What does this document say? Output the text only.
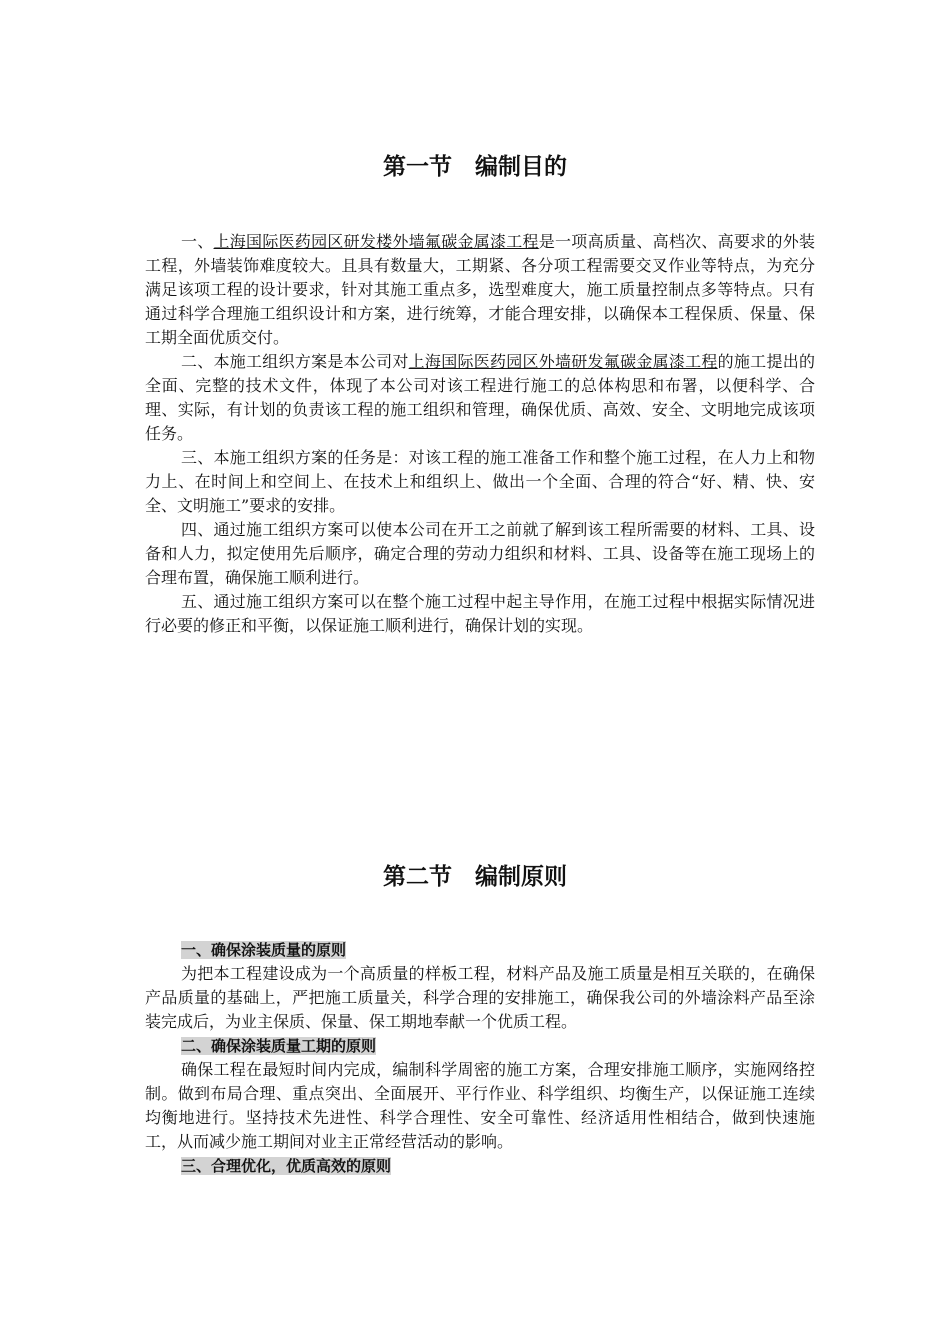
第一节　编制目的

一、上海国际医药园区研发楼外墙氟碳金属漆工程是一项高质量、高档次、高要求的外装工程，外墙装饰难度较大。且具有数量大，工期紧、各分项工程需要交叉作业等特点，为充分满足该项工程的设计要求，针对其施工重点多，选型难度大，施工质量控制点多等特点。只有通过科学合理施工组织设计和方案，进行统筹，才能合理安排，以确保本工程保质、保量、保工期全面优质交付。

二、本施工组织方案是本公司对上海国际医药园区外墙研发氟碳金属漆工程的施工提出的全面、完整的技术文件，体现了本公司对该工程进行施工的总体构思和布署，以便科学、合理、实际，有计划的负责该工程的施工组织和管理，确保优质、高效、安全、文明地完成该项任务。

三、本施工组织方案的任务是：对该工程的施工准备工作和整个施工过程，在人力上和物力上、在时间上和空间上、在技术上和组织上、做出一个全面、合理的符合“好、精、快、安全、文明施工”要求的安排。

四、通过施工组织方案可以使本公司在开工之前就了解到该工程所需要的材料、工具、设备和人力，拟定使用先后顺序，确定合理的劳动力组织和材料、工具、设备等在施工现场上的合理布置，确保施工顺利进行。

五、通过施工组织方案可以在整个施工过程中起主导作用，在施工过程中根据实际情况进行必要的修正和平衡，以保证施工顺利进行，确保计划的实现。

第二节　编制原则

一、确保涂装质量的原则

为把本工程建设成为一个高质量的样板工程，材料产品及施工质量是相互关联的，在确保产品质量的基础上，严把施工质量关，科学合理的安排施工，确保我公司的外墙涂料产品至涂装完成后，为业主保质、保量、保工期地奉献一个优质工程。

二、确保涂装质量工期的原则

确保工程在最短时间内完成，编制科学周密的施工方案，合理安排施工顺序，实施网络控制。做到布局合理、重点突出、全面展开、平行作业、科学组织、均衡生产，以保证施工连续均衡地进行。坚持技术先进性、科学合理性、安全可靠性、经济适用性相结合，做到快速施工，从而减少施工期间对业主正常经营活动的影响。

三、合理优化，优质高效的原则
